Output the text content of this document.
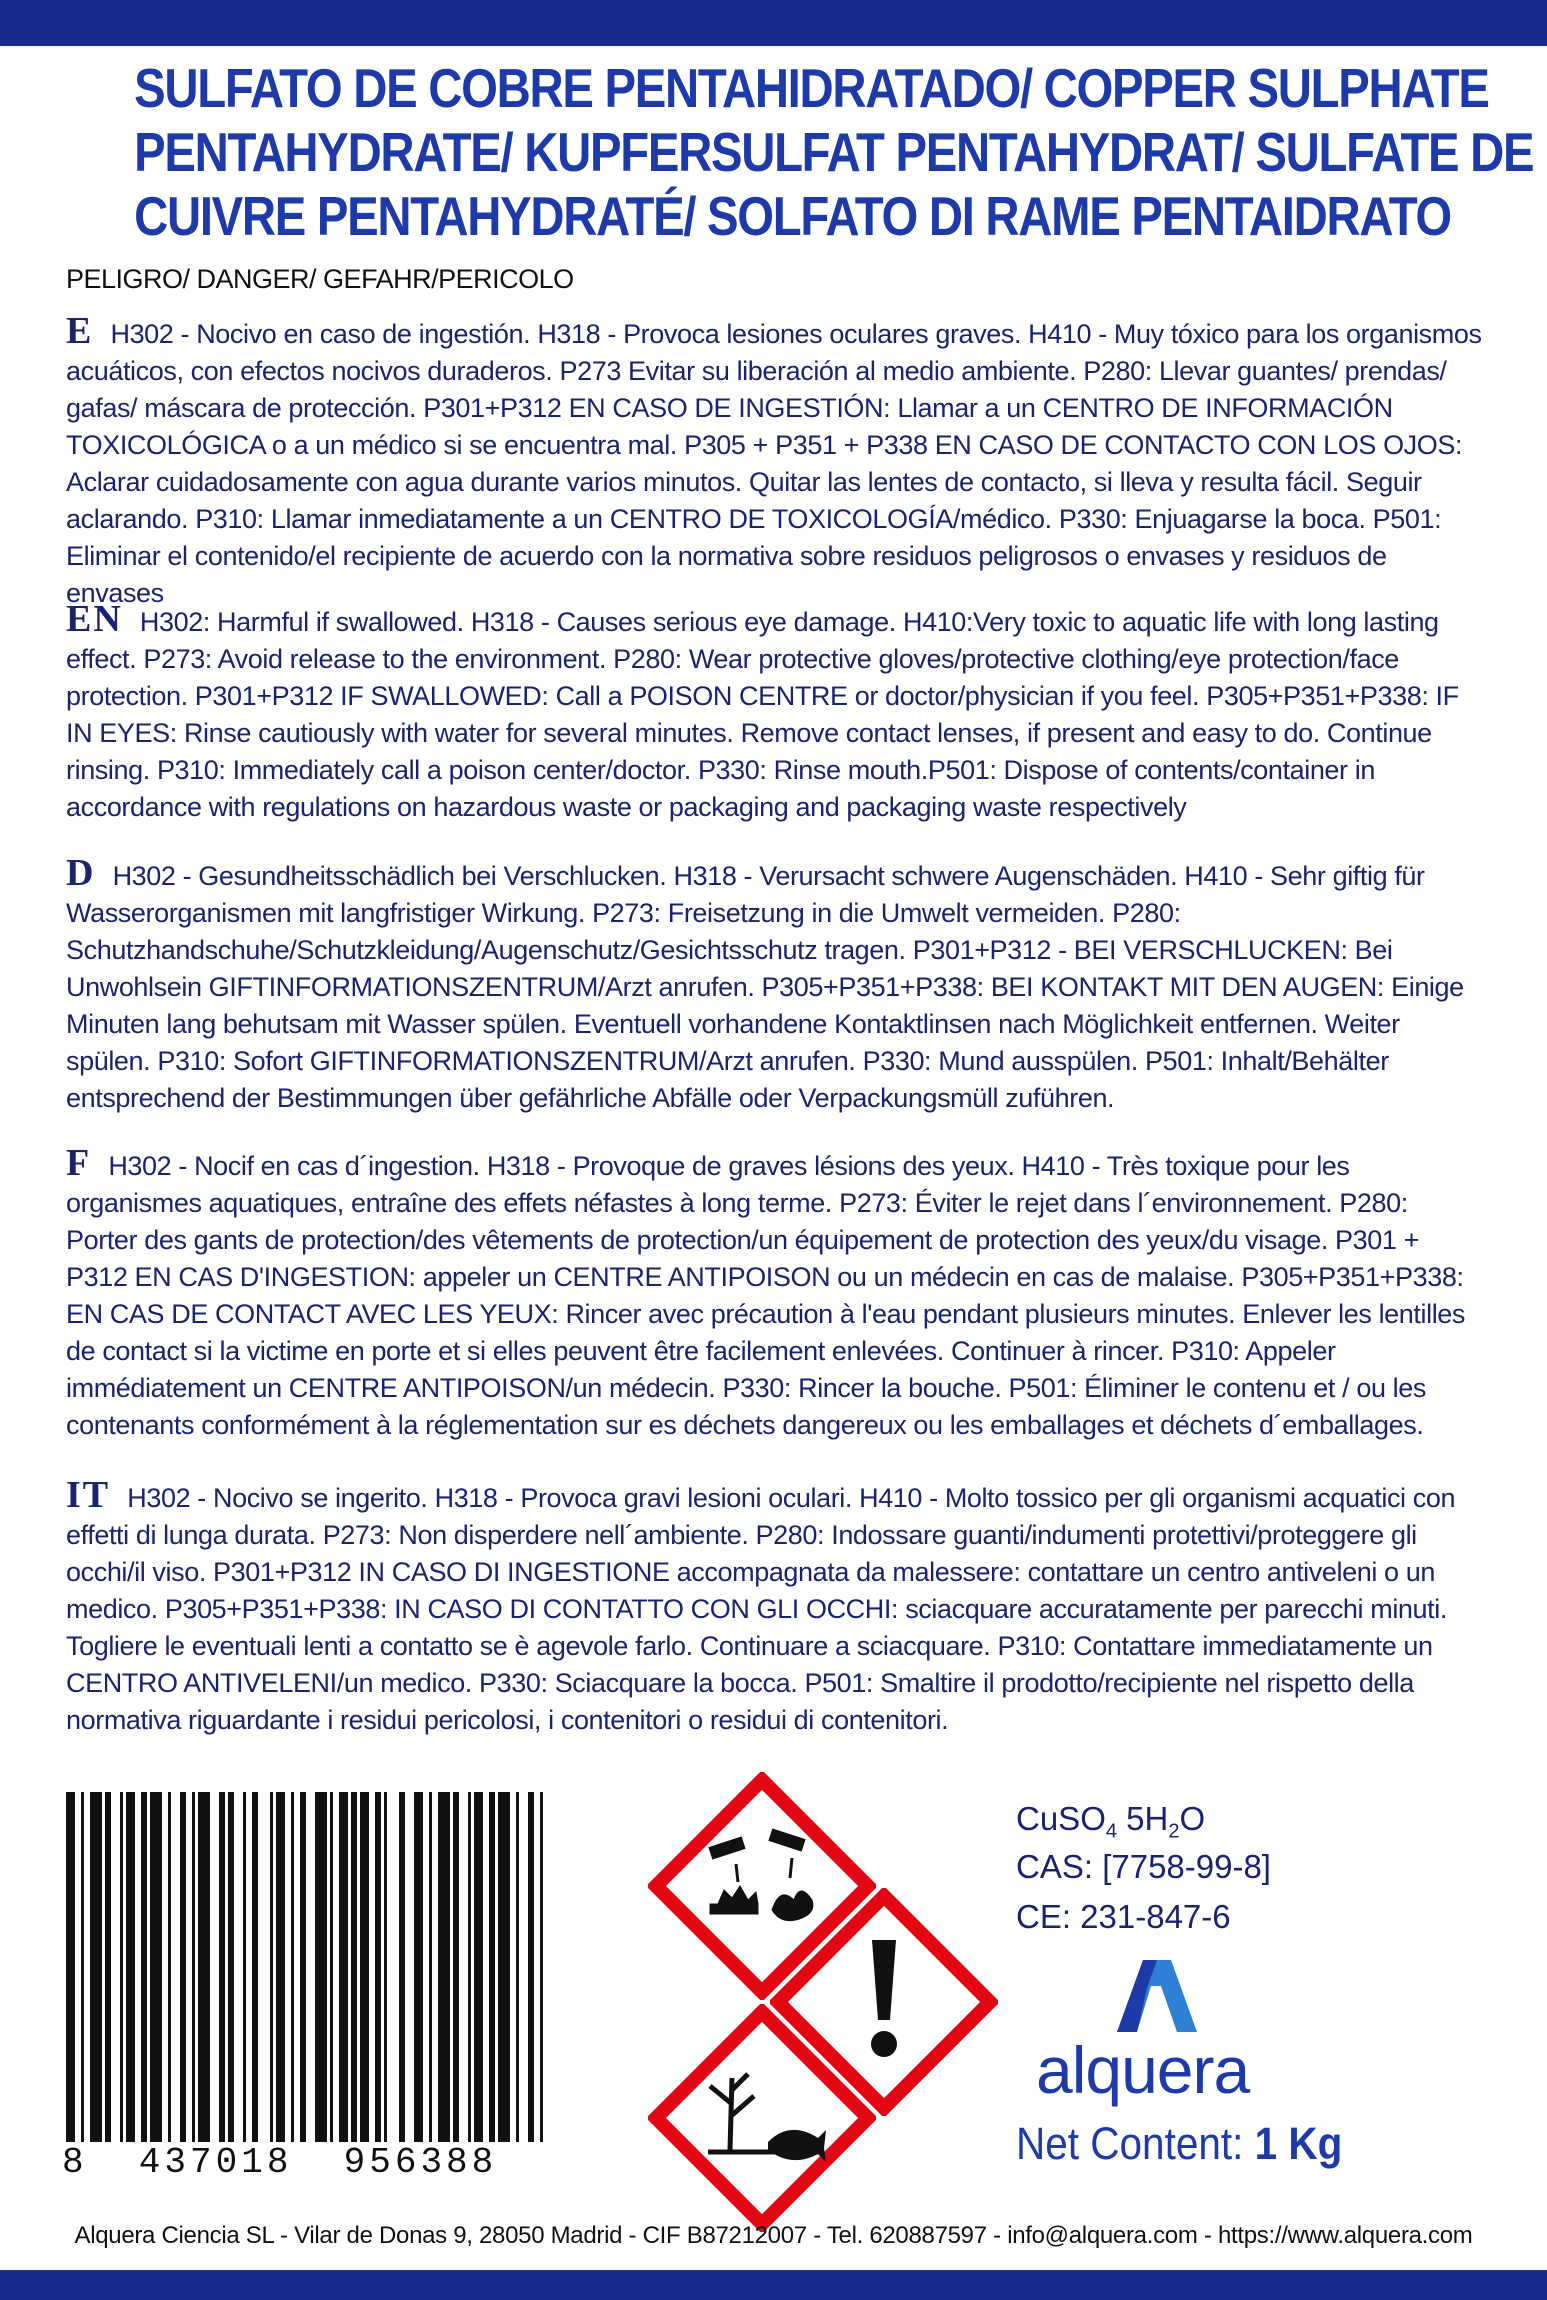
SULFATO DE COBRE PENTAHIDRATADO/ COPPER SULPHATE
PENTAHYDRATE/ KUPFERSULFAT PENTAHYDRAT/ SULFATE DE
CUIVRE PENTAHYDRATÉ/ SOLFATO DI RAME PENTAIDRATO
PELIGRO/ DANGER/ GEFAHR/PERICOLO
E H302 - Nocivo en caso de ingestión. H318 - Provoca lesiones oculares graves. H410 - Muy tóxico para los organismos acuáticos, con efectos nocivos duraderos. P273 Evitar su liberación al medio ambiente. P280: Llevar guantes/ prendas/ gafas/ máscara de protección. P301+P312 EN CASO DE INGESTIÓN: Llamar a un CENTRO DE INFORMACIÓN TOXICOLÓGICA o a un médico si se encuentra mal. P305 + P351 + P338 EN CASO DE CONTACTO CON LOS OJOS: Aclarar cuidadosamente con agua durante varios minutos. Quitar las lentes de contacto, si lleva y resulta fácil. Seguir aclarando. P310: Llamar inmediatamente a un CENTRO DE TOXICOLOGÍA/médico. P330: Enjuagarse la boca. P501: Eliminar el contenido/el recipiente de acuerdo con la normativa sobre residuos peligrosos o envases y residuos de envases
EN H302: Harmful if swallowed. H318 - Causes serious eye damage. H410:Very toxic to aquatic life with long lasting effect. P273: Avoid release to the environment. P280: Wear protective gloves/protective clothing/eye protection/face protection. P301+P312 IF SWALLOWED: Call a POISON CENTRE or doctor/physician if you feel. P305+P351+P338: IF IN EYES: Rinse cautiously with water for several minutes. Remove contact lenses, if present and easy to do. Continue rinsing. P310: Immediately call a poison center/doctor. P330: Rinse mouth.P501: Dispose of contents/container in accordance with regulations on hazardous waste or packaging and packaging waste respectively
D H302 - Gesundheitsschädlich bei Verschlucken. H318 - Verursacht schwere Augenschäden. H410 - Sehr giftig für Wasserorganismen mit langfristiger Wirkung. P273: Freisetzung in die Umwelt vermeiden. P280: Schutzhandschuhe/Schutzkleidung/Augenschutz/Gesichtsschutz tragen. P301+P312 - BEI VERSCHLUCKEN: Bei Unwohlsein GIFTINFORMATIONSZENTRUM/Arzt anrufen. P305+P351+P338: BEI KONTAKT MIT DEN AUGEN: Einige Minuten lang behutsam mit Wasser spülen. Eventuell vorhandene Kontaktlinsen nach Möglichkeit entfernen. Weiter spülen. P310: Sofort GIFTINFORMATIONSZENTRUM/Arzt anrufen. P330: Mund ausspülen. P501: Inhalt/Behälter entsprechend der Bestimmungen über gefährliche Abfälle oder Verpackungsmüll zuführen.
F H302 - Nocif en cas d´ingestion. H318 - Provoque de graves lésions des yeux. H410 - Très toxique pour les organismes aquatiques, entraîne des effets néfastes à long terme. P273: Éviter le rejet dans l´environnement. P280: Porter des gants de protection/des vêtements de protection/un équipement de protection des yeux/du visage. P301 + P312 EN CAS D'INGESTION: appeler un CENTRE ANTIPOISON ou un médecin en cas de malaise. P305+P351+P338: EN CAS DE CONTACT AVEC LES YEUX: Rincer avec précaution à l'eau pendant plusieurs minutes. Enlever les lentilles de contact si la victime en porte et si elles peuvent être facilement enlevées. Continuer à rincer. P310: Appeler immédiatement un CENTRE ANTIPOISON/un médecin. P330: Rincer la bouche. P501: Éliminer le contenu et / ou les contenants conformément à la réglementation sur es déchets dangereux ou les emballages et déchets d´emballages.
IT H302 - Nocivo se ingerito. H318 - Provoca gravi lesioni oculari. H410 - Molto tossico per gli organismi acquatici con effetti di lunga durata. P273: Non disperdere nell´ambiente. P280: Indossare guanti/indumenti protettivi/proteggere gli occhi/il viso. P301+P312 IN CASO DI INGESTIONE accompagnata da malessere: contattare un centro antiveleni o un medico. P305+P351+P338: IN CASO DI CONTATTO CON GLI OCCHI: sciacquare accuratamente per parecchi minuti. Togliere le eventuali lenti a contatto se è agevole farlo. Continuare a sciacquare. P310: Contattare immediatamente un CENTRO ANTIVELENI/un medico. P330: Sciacquare la bocca. P501: Smaltire il prodotto/recipiente nel rispetto della normativa riguardante i residui pericolosi, i contenitori o residui di contenitori.
8  437018  956388
CuSO$_4$ $5H_2O$
CAS: [7758-99-8]
CE: 231-847-6
alquera
Net Content: 1 Kg
Alquera Ciencia SL - Vilar de Donas 9, 28050 Madrid - CIF B87212007 - Tel. 620887597 - info@alquera.com - https://www.alquera.com
